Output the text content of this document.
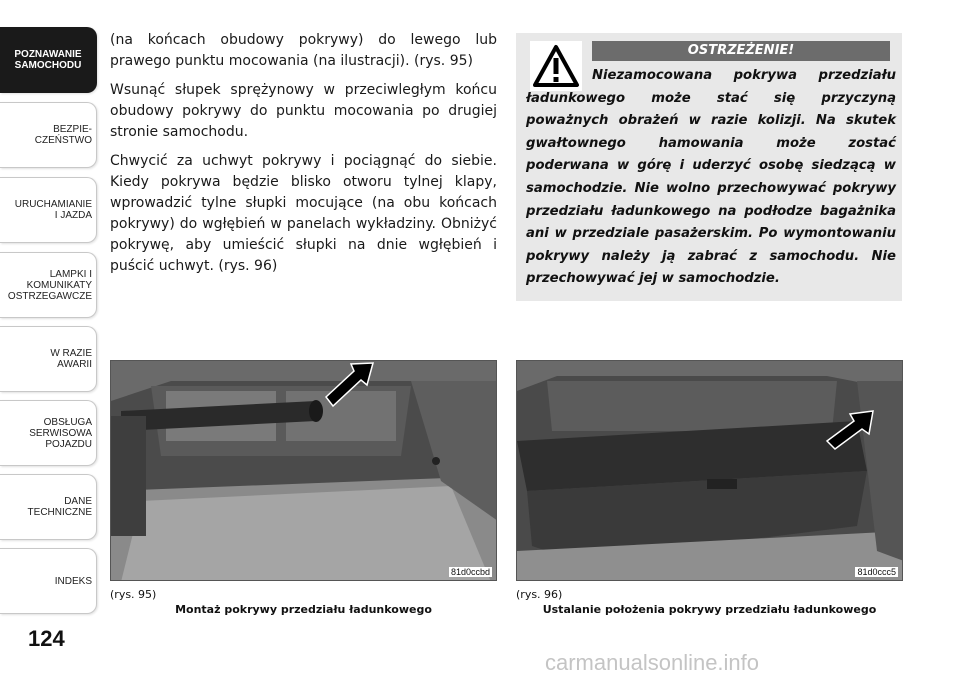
POZNAWANIE
SAMOCHODU
BEZPIE-
CZEŃSTWO
URUCHAMIANIE
I JAZDA
LAMPKI I
KOMUNIKATY
OSTRZEGAWCZE
W RAZIE
AWARII
OBSŁUGA
SERWISOWA
POJAZDU
DANE
TECHNICZNE
INDEKS
124

(na końcach obudowy pokrywy) do lewego lub prawego punktu mocowania (na ilustracji). (rys. 95)

Wsunąć słupek sprężynowy w przeciwległym końcu obudowy pokrywy do punktu mocowania po drugiej stronie samochodu.

Chwycić za uchwyt pokrywy i pociągnąć do siebie. Kiedy pokrywa będzie blisko otworu tylnej klapy, wprowadzić tylne słupki mocujące (na obu końcach pokrywy) do wgłębień w panelach wykładziny. Obniżyć pokrywę, aby umieścić słupki na dnie wgłębień i puścić uchwyt. (rys. 96)

OSTRZEŻENIE!
Niezamocowana pokrywa przedziału ładunkowego może stać się przyczyną poważnych obrażeń w razie kolizji. Na skutek gwałtownego hamowania może zostać poderwana w górę i uderzyć osobę siedzącą w samochodzie. Nie wolno przechowywać pokrywy przedziału ładunkowego na podłodze bagażnika ani w przedziale pasażerskim. Po wymontowaniu pokrywy należy ją zabrać z samochodu. Nie przechowywać jej w samochodzie.
81d0ccbd
(rys. 95)
Montaż pokrywy przedziału ładunkowego
81d0ccc5
(rys. 96)
Ustalanie położenia pokrywy przedziału ładunkowego
carmanualsonline.info
